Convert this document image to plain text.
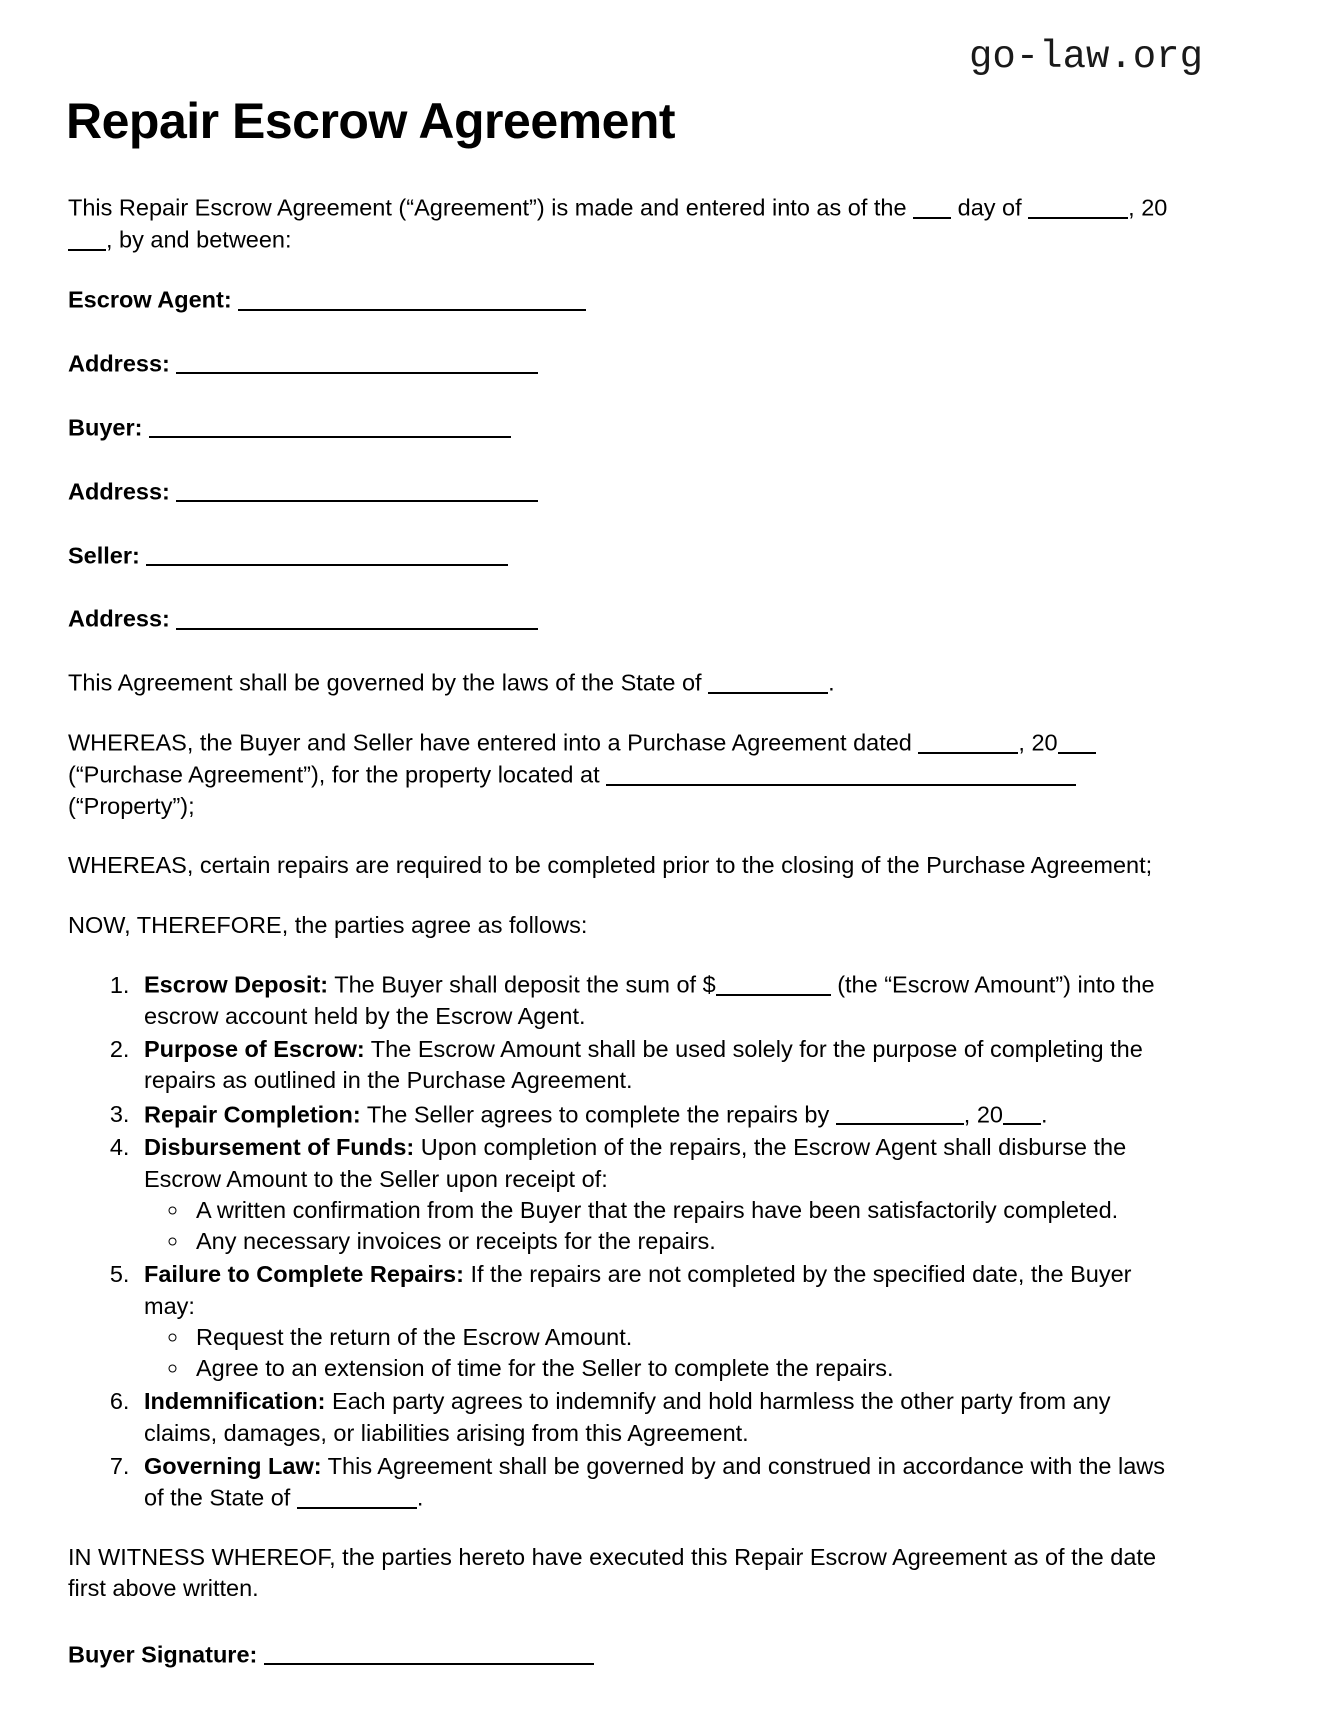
go-law.org
Repair Escrow Agreement

This Repair Escrow Agreement (“Agreement”) is made and entered into as of the  day of	, 20, by and between:

Escrow Agent:
Address:
Buyer:
Address:
Seller:
Address:

This Agreement shall be governed by the laws of the State of	.

WHEREAS, the Buyer and Seller have entered into a Purchase Agreement dated	, 20 (“Purchase Agreement”), for the property located at  (“Property”);

WHEREAS, certain repairs are required to be completed prior to the closing of the Purchase Agreement;

NOW, THEREFORE, the parties agree as follows:

1. Escrow Deposit: The Buyer shall deposit the sum of $	(the “Escrow Amount”) into the escrow account held by the Escrow Agent.
2. Purpose of Escrow: The Escrow Amount shall be used solely for the purpose of completing the repairs as outlined in the Purchase Agreement.
3. Repair Completion: The Seller agrees to complete the repairs by	, 20 .
4. Disbursement of Funds: Upon completion of the repairs, the Escrow Agent shall disburse the Escrow Amount to the Seller upon receipt of:
◦ A written confirmation from the Buyer that the repairs have been satisfactorily completed.
◦ Any necessary invoices or receipts for the repairs.
5. Failure to Complete Repairs: If the repairs are not completed by the specified date, the Buyer may:
◦ Request the return of the Escrow Amount.
◦ Agree to an extension of time for the Seller to complete the repairs.
6. Indemnification: Each party agrees to indemnify and hold harmless the other party from any claims, damages, or liabilities arising from this Agreement.
7. Governing Law: This Agreement shall be governed by and construed in accordance with the laws of the State of	.

IN WITNESS WHEREOF, the parties hereto have executed this Repair Escrow Agreement as of the date first above written.

Buyer Signature:
